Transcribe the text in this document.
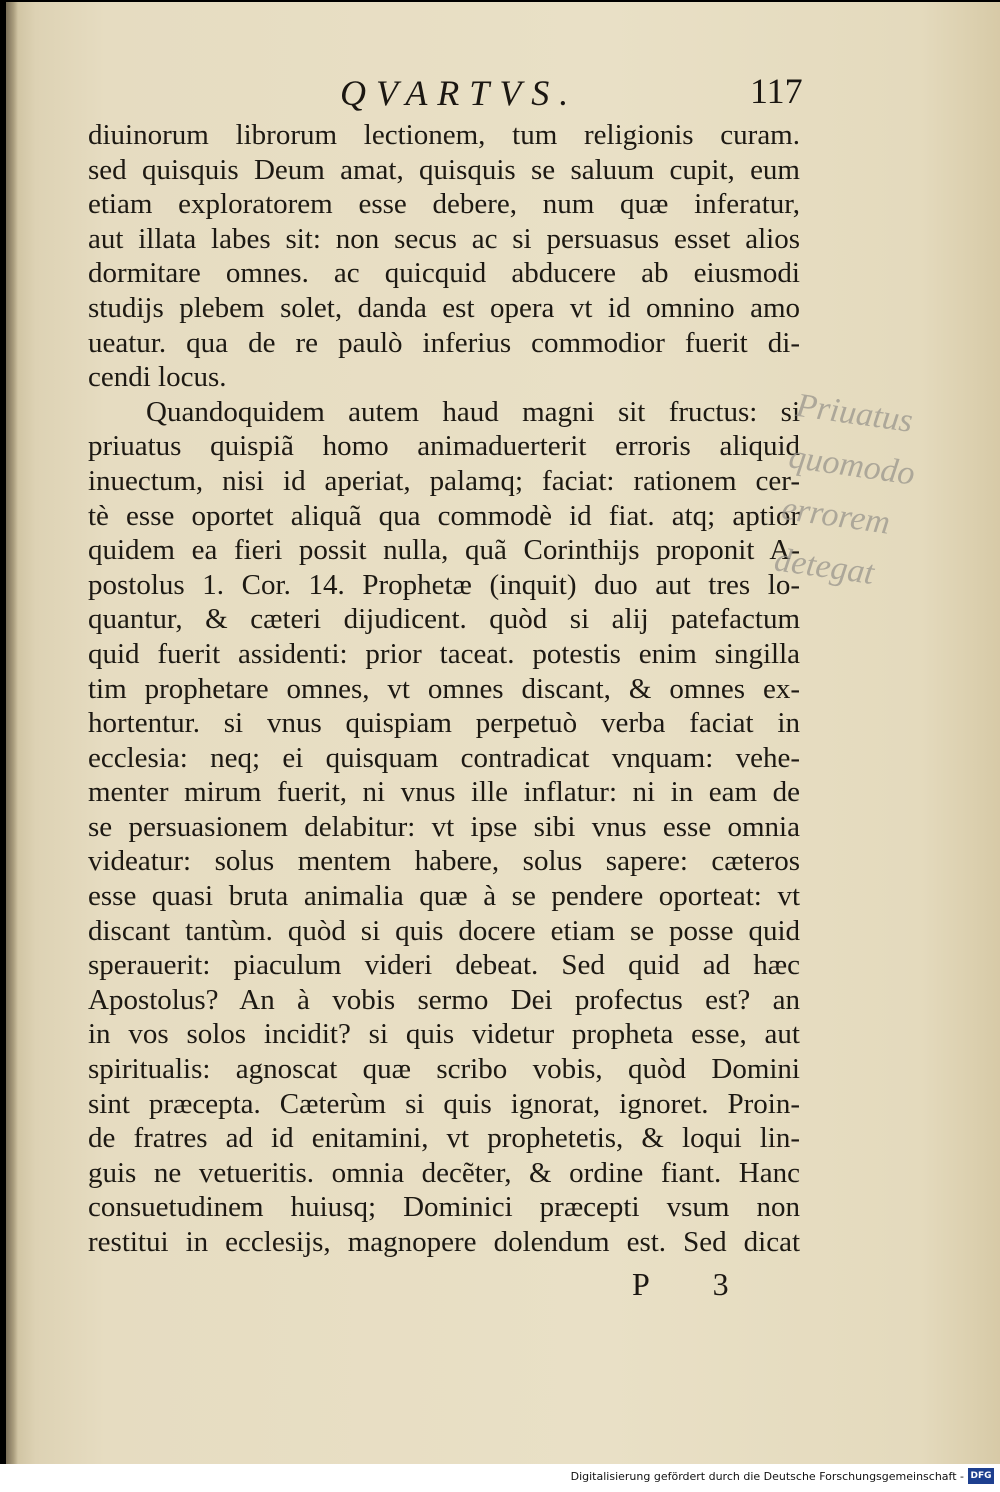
QVARTVS.	117
diuinorum librorum lectionem, tum religionis curam.
sed quisquis Deum amat, quisquis se saluum cupit, eum
etiam exploratorem esse debere, num quæ inferatur,
aut illata labes sit: non secus ac si persuasus esset alios
dormitare omnes. ac quicquid abducere ab eiusmodi
studijs plebem solet, danda est opera vt id omnino amo
ueatur. qua de re paulò inferius commodior fuerit di-
cendi locus.
Quandoquidem autem haud magni sit fructus: si
priuatus quispiã homo animaduerterit erroris aliquid
inuectum, nisi id aperiat, palamq; faciat: rationem cer-
tè esse oportet aliquã qua commodè id fiat. atq; aptior
quidem ea fieri possit nulla, quã Corinthijs proponit A-
postolus 1. Cor. 14. Prophetæ (inquit) duo aut tres lo-
quantur, & cæteri dijudicent. quòd si alij patefactum
quid fuerit assidenti: prior taceat. potestis enim singilla
tim prophetare omnes, vt omnes discant, & omnes ex-
hortentur. si vnus quispiam perpetuò verba faciat in
ecclesia: neq; ei quisquam contradicat vnquam: vehe-
menter mirum fuerit, ni vnus ille inflatur: ni in eam de
se persuasionem delabitur: vt ipse sibi vnus esse omnia
videatur: solus mentem habere, solus sapere: cæteros
esse quasi bruta animalia quæ à se pendere oporteat: vt
discant tantùm. quòd si quis docere etiam se posse quid
sperauerit: piaculum videri debeat. Sed quid ad hæc
Apostolus? An à vobis sermo Dei profectus est? an
in vos solos incidit? si quis videtur propheta esse, aut
spiritualis: agnoscat quæ scribo vobis, quòd Domini
sint præcepta. Cæterùm si quis ignorat, ignoret. Proin-
de fratres ad id enitamini, vt prophetetis, & loqui lin-
guis ne vetueritis. omnia decẽter, & ordine fiant. Hanc
consuetudinem huiusq; Dominici præcepti vsum non
restitui in ecclesijs, magnopere dolendum est. Sed dicat
Priuatus
quomodo
errorem
detegat
P 3
Digitalisierung gefördert durch die Deutsche Forschungsgemeinschaft - DFG
